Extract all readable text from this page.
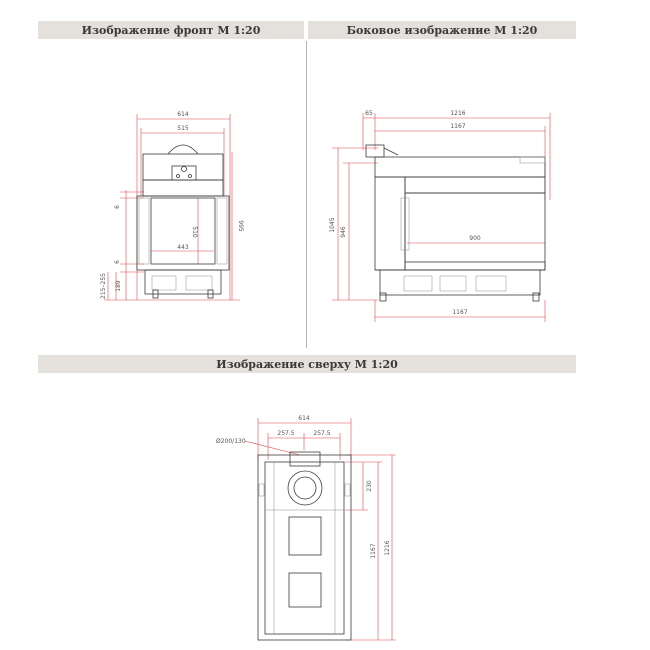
Изображение фронт М 1:20	Боковое изображение М 1:20
Изображение сверху М 1:20
614
515
995
510
443
6
6
189
215–255
65	1216
1167
1045 946
900
1167
614
257.5	257.5
Ø200/130
230
1167 1216
